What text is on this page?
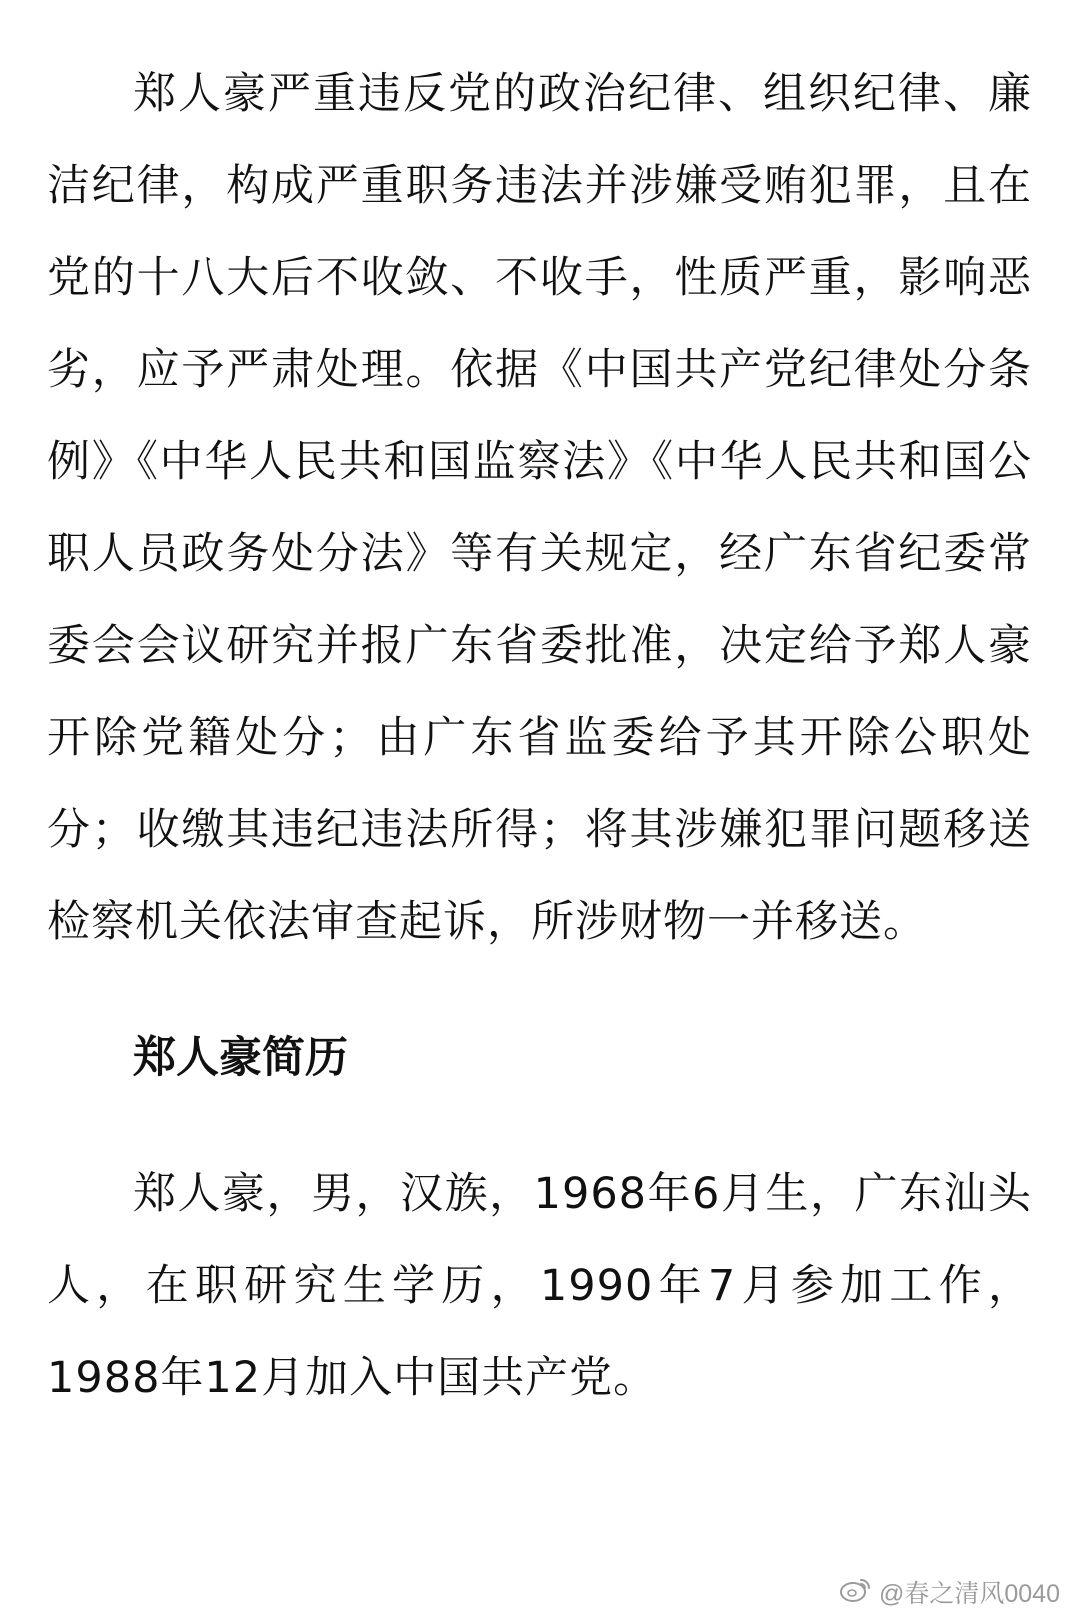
郑人豪严重违反党的政治纪律、组织纪律、廉洁纪律，构成严重职务违法并涉嫌受贿犯罪，且在党的十八大后不收敛、不收手，性质严重，影响恶劣，应予严肃处理。依据《中国共产党纪律处分条例》《中华人民共和国监察法》《中华人民共和国公职人员政务处分法》等有关规定，经广东省纪委常委会会议研究并报广东省委批准，决定给予郑人豪开除党籍处分；由广东省监委给予其开除公职处分；收缴其违纪违法所得；将其涉嫌犯罪问题移送检察机关依法审查起诉，所涉财物一并移送。

郑人豪简历

郑人豪，男，汉族，1968年6月生，广东汕头人，在职研究生学历，1990年7月参加工作，1988年12月加入中国共产党。

@春之清风0040
